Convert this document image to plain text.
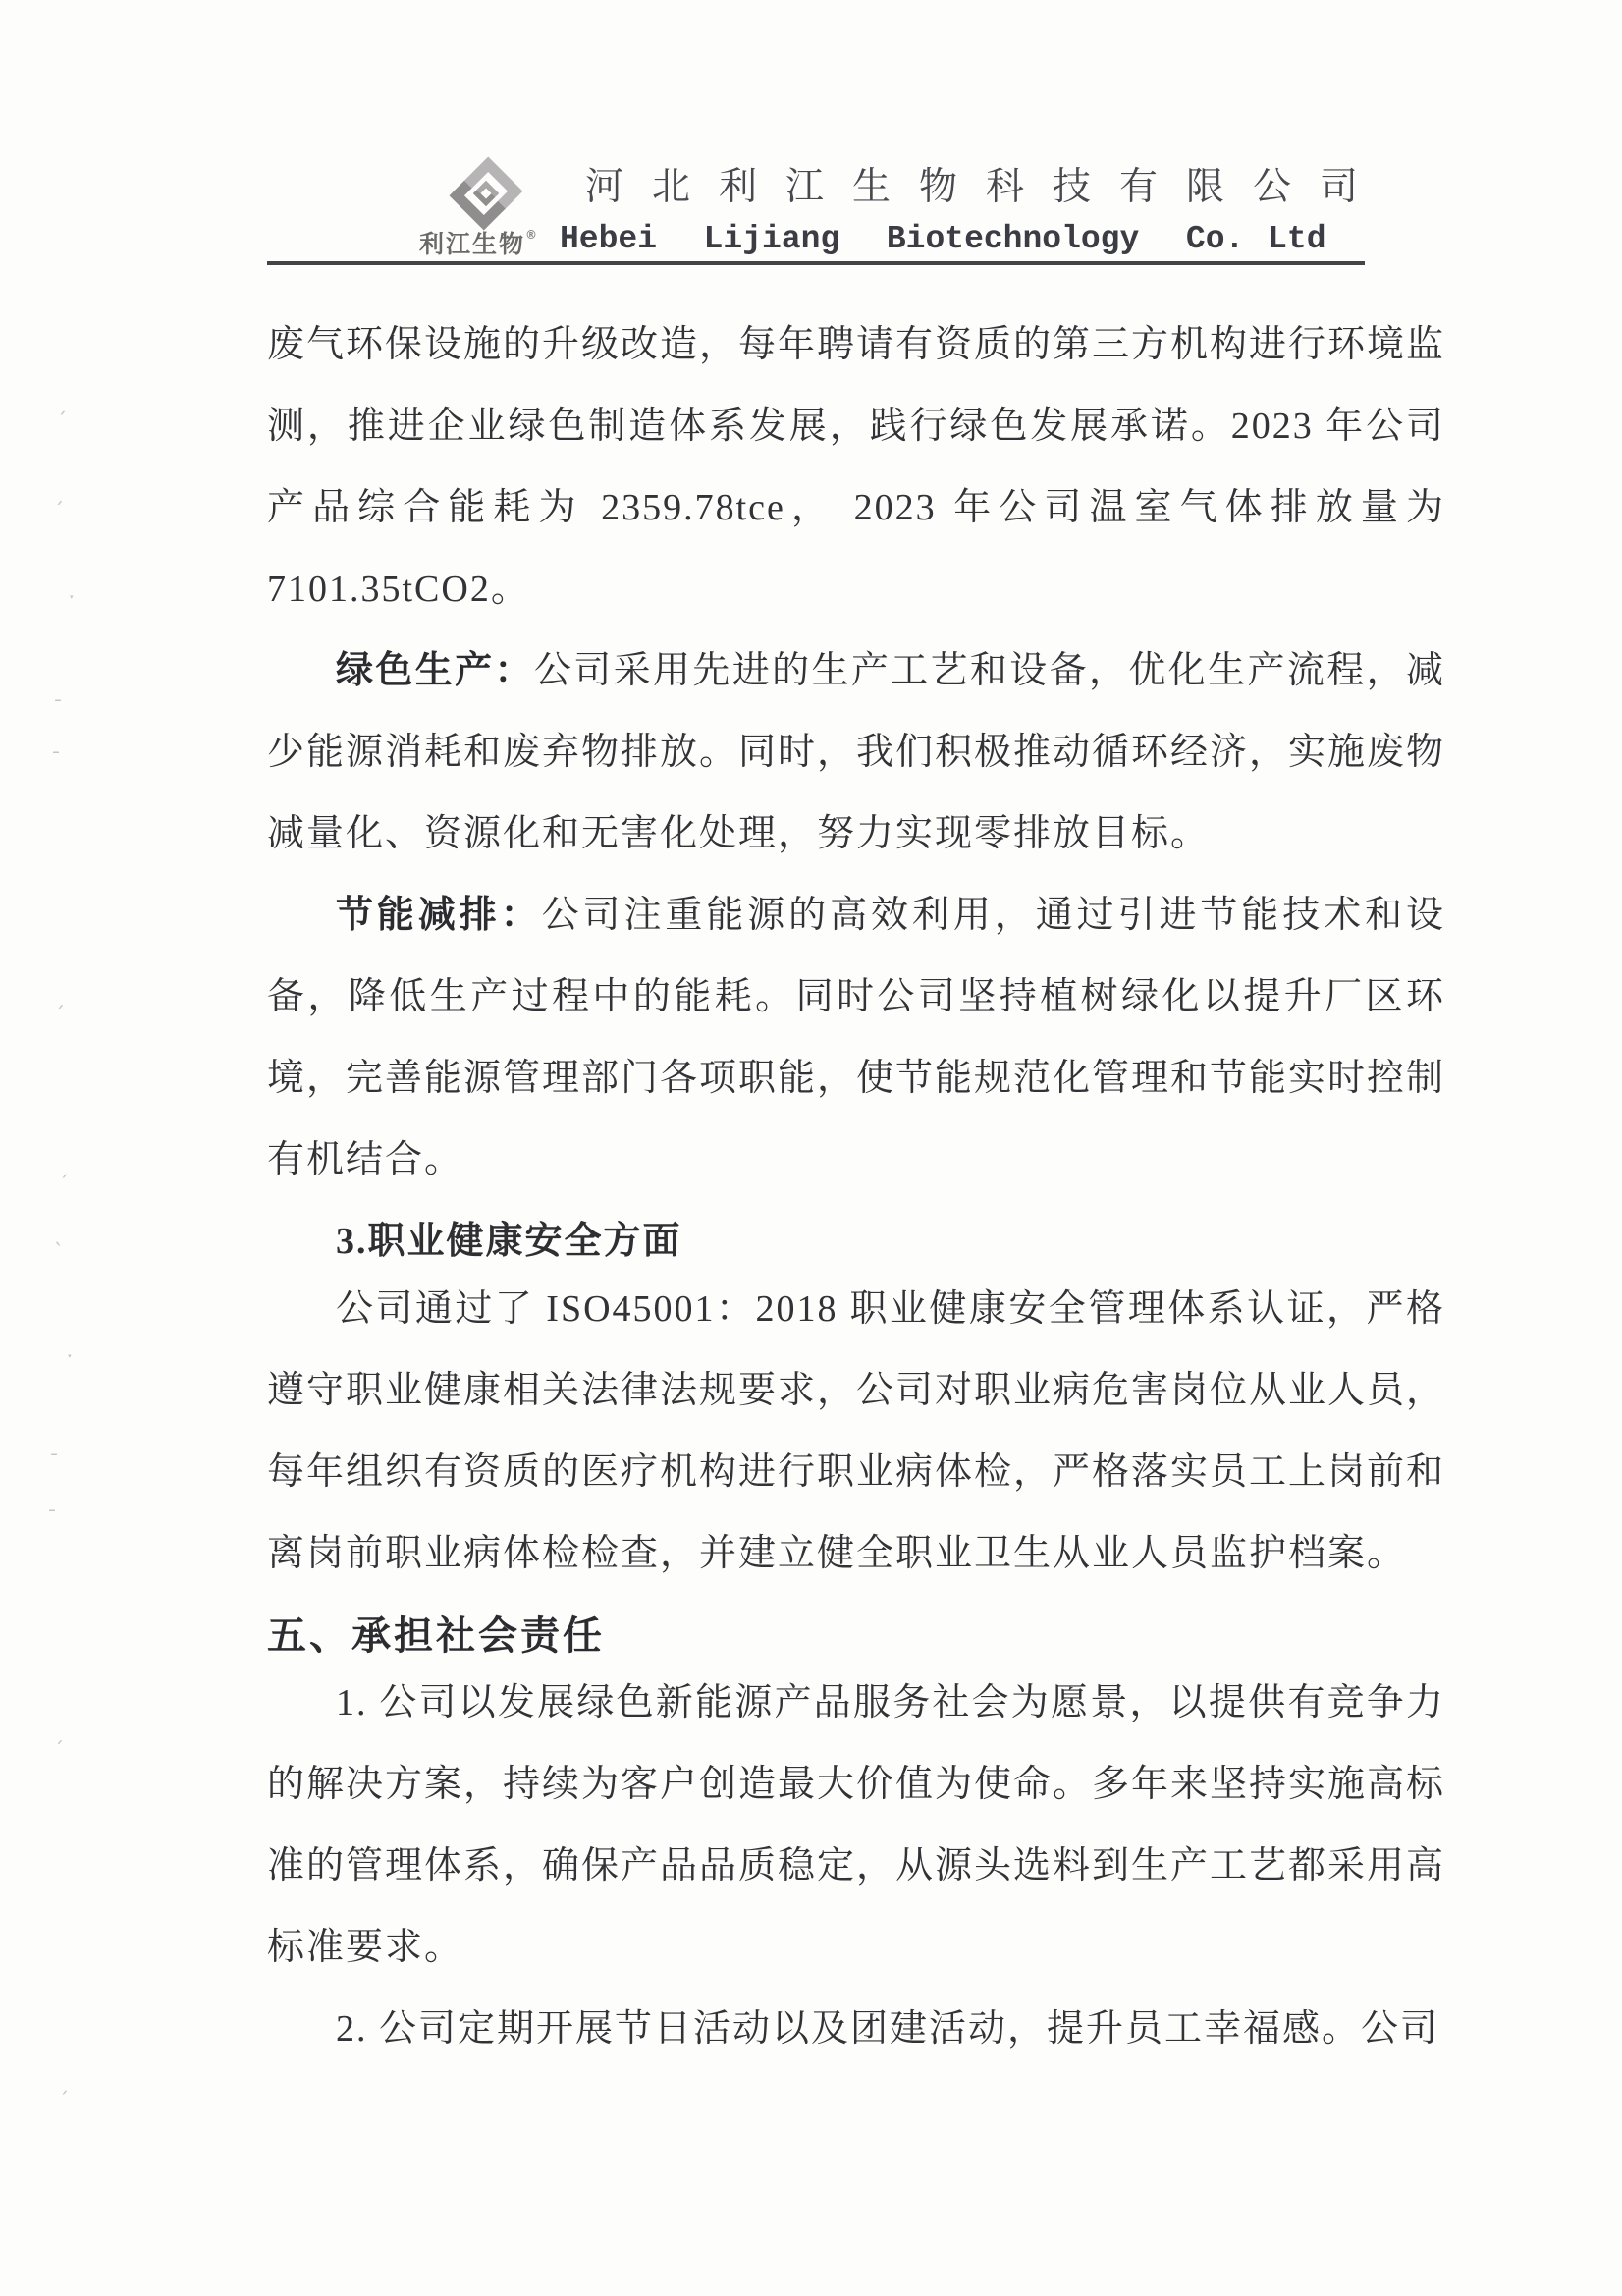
利江生物®
河北利江生物科技有限公司
Hebei  Lijiang  Biotechnology  Co. Ltd

废气环保设施的升级改造，每年聘请有资质的第三方机构进行环境监测，推进企业绿色制造体系发展，践行绿色发展承诺。2023 年公司产品综合能耗为 2359.78tce， 2023 年公司温室气体排放量为 7101.35tCO2。

绿色生产：公司采用先进的生产工艺和设备，优化生产流程，减少能源消耗和废弃物排放。同时，我们积极推动循环经济，实施废物减量化、资源化和无害化处理，努力实现零排放目标。

节能减排：公司注重能源的高效利用，通过引进节能技术和设备，降低生产过程中的能耗。同时公司坚持植树绿化以提升厂区环境，完善能源管理部门各项职能，使节能规范化管理和节能实时控制有机结合。

3.职业健康安全方面

公司通过了 ISO45001：2018 职业健康安全管理体系认证，严格遵守职业健康相关法律法规要求，公司对职业病危害岗位从业人员，每年组织有资质的医疗机构进行职业病体检，严格落实员工上岗前和离岗前职业病体检检查，并建立健全职业卫生从业人员监护档案。

五、承担社会责任

1. 公司以发展绿色新能源产品服务社会为愿景，以提供有竞争力的解决方案，持续为客户创造最大价值为使命。多年来坚持实施高标准的管理体系，确保产品品质稳定，从源头选料到生产工艺都采用高标准要求。

2. 公司定期开展节日活动以及团建活动，提升员工幸福感。公司

ˊ
ˏ
ˑ
ˍ
ˉ
ˏ
ˊ
ˋ
ˑ
ˍ
ˉ
ˏ
ˊ
